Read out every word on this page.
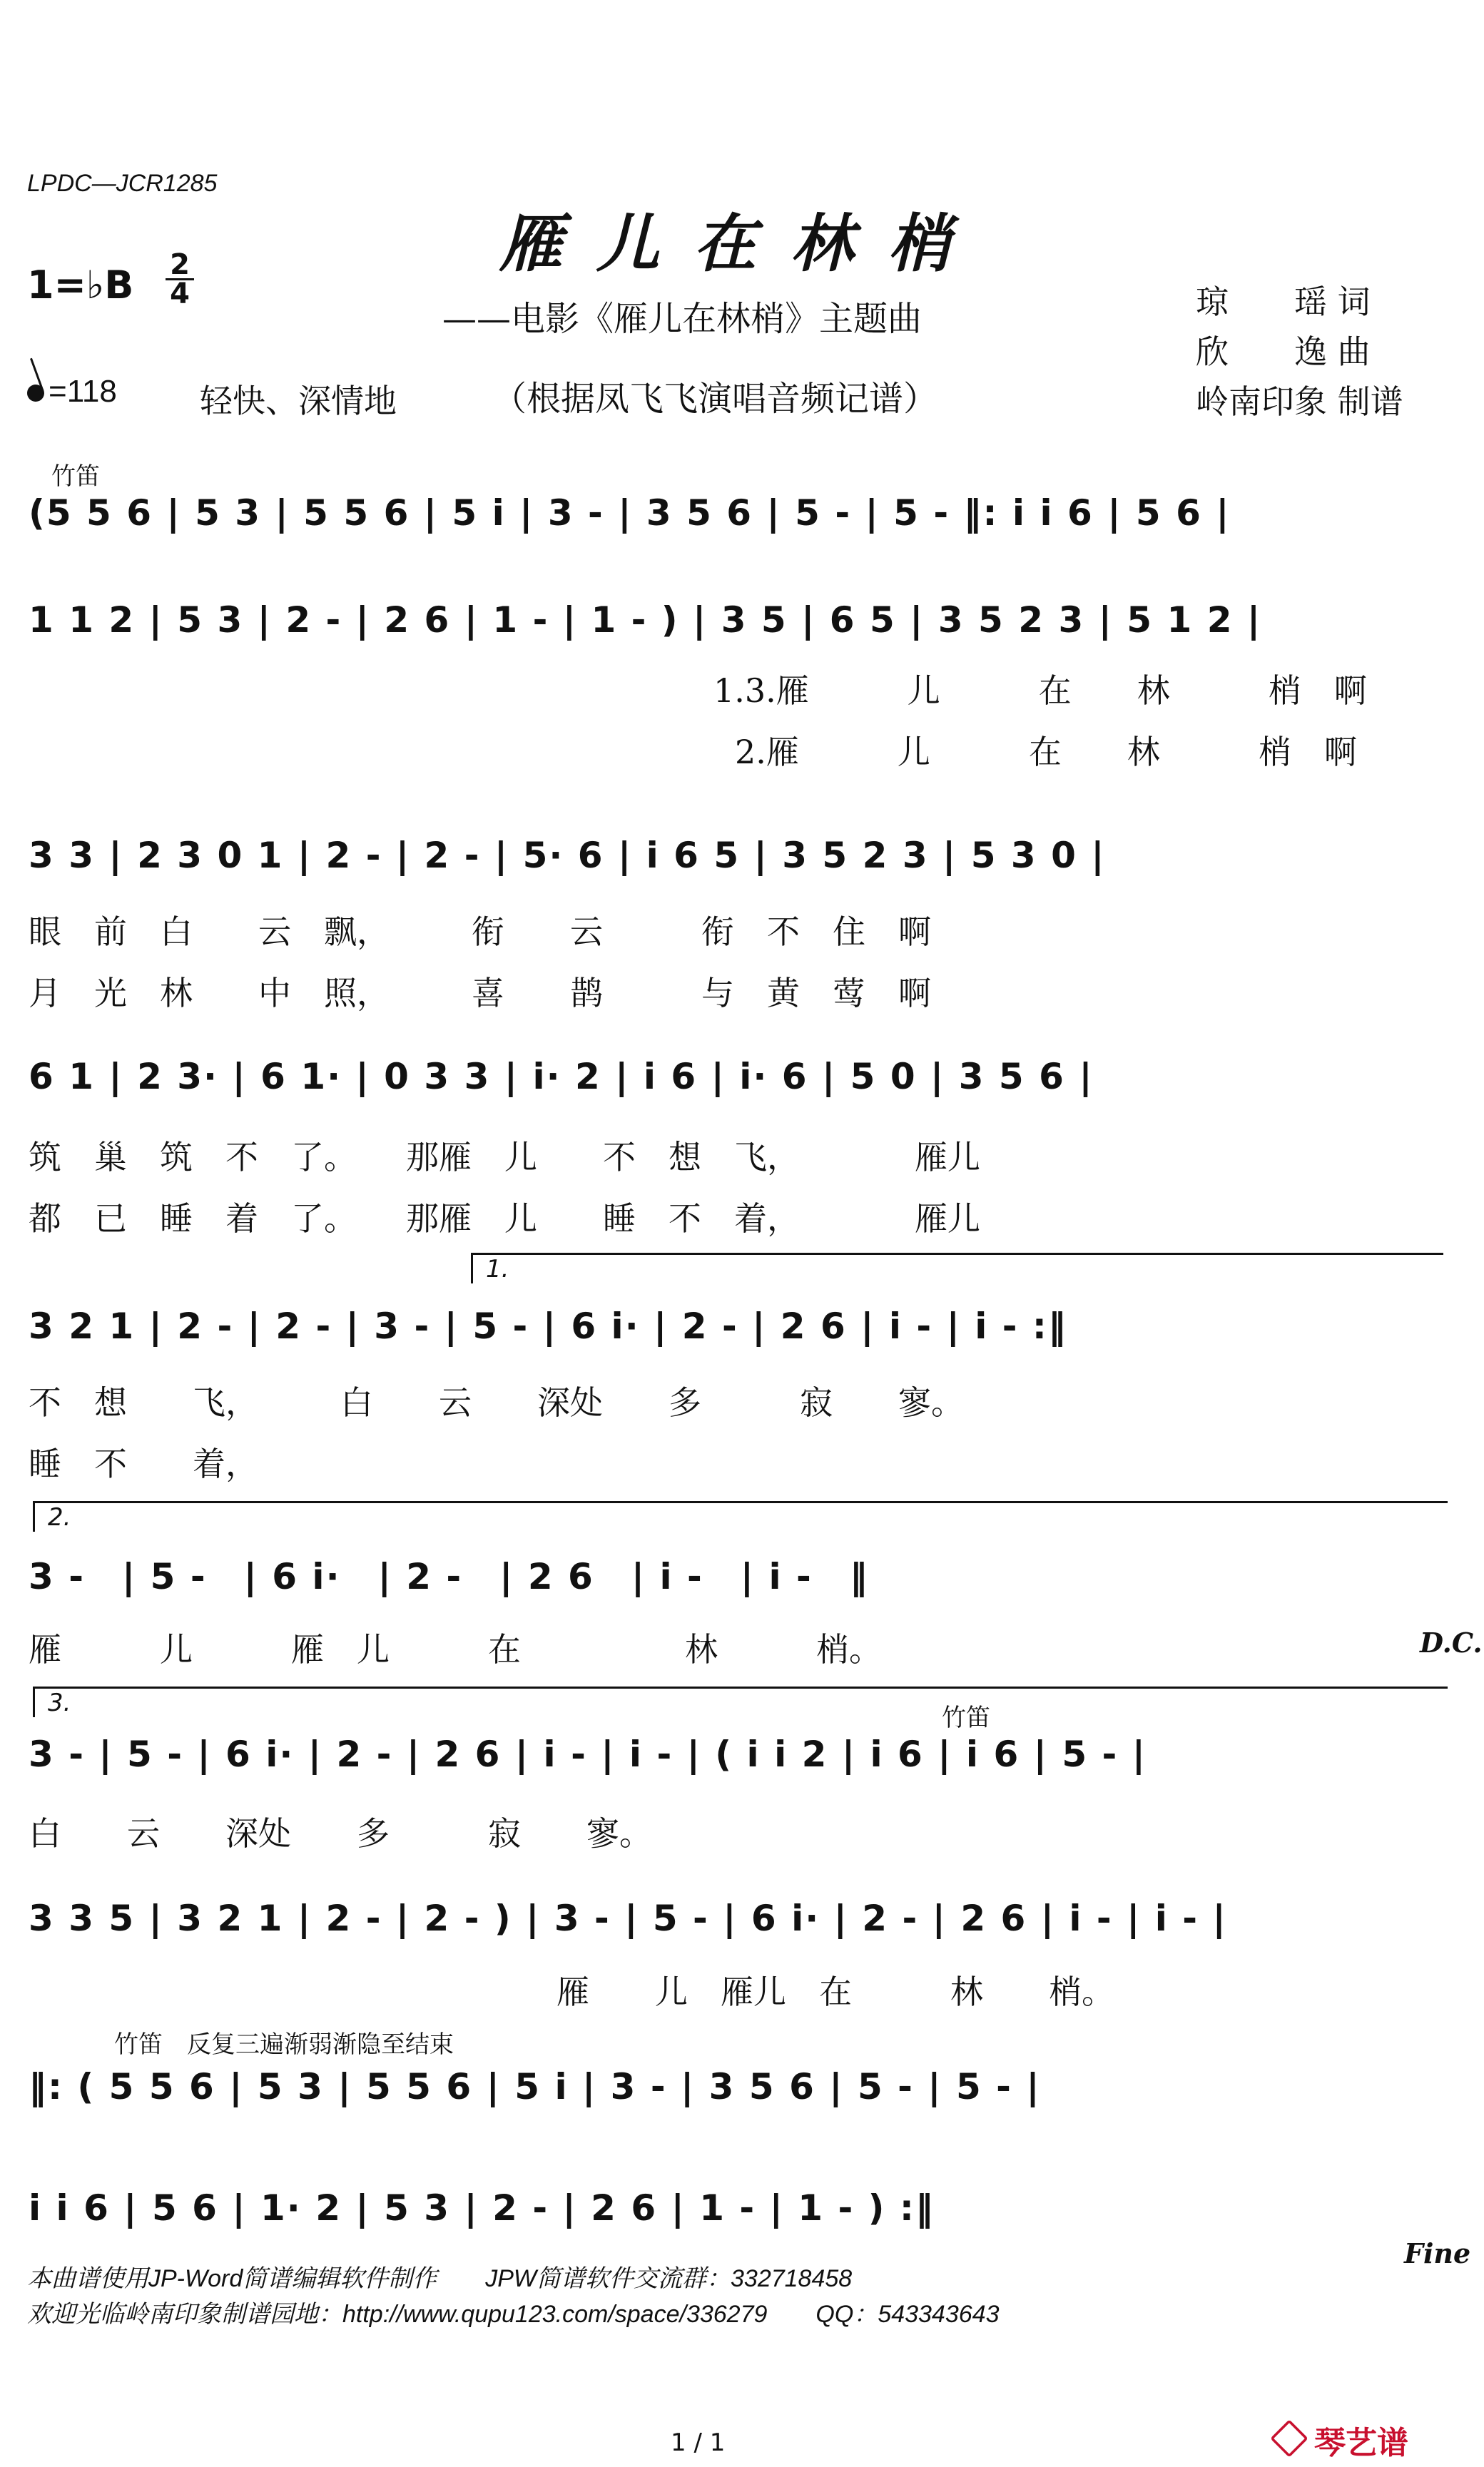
LPDC—JCR1285
雁儿在林梢
——电影《雁儿在林梢》主题曲	琼　　瑶 词
欣　　逸 曲
岭南印象 制谱
1=♭B 2
4
=118	轻快、深情地	（根据凤飞飞演唱音频记谱）
竹笛
(5 5 6 | 5 3 | 5 5 6 | 5 i | 3 - | 3 5 6 | 5 - | 5 - ‖: i i 6 | 5 6 |
1 1 2 | 5 3 | 2 - | 2 6 | 1 - | 1 - ) | 3 5 | 6 5 | 3 5 2 3 | 5 1 2 |
1.3.雁　　　儿　　　在　　林　　　梢　啊
2.雁　　　儿　　　在　　林　　　梢　啊
3 3 | 2 3 0 1 | 2 - | 2 - | 5· 6 | i 6 5 | 3 5 2 3 | 5 3 0 |
眼　前　白　　云　飘，　　　衔　　云　　　衔　不　住　啊
月　光　林　　中　照，　　　喜　　鹊　　　与　黄　莺　啊
6 1 | 2 3· | 6 1· | 0 3 3 | i· 2 | i 6 | i· 6 | 5 0 | 3 5 6 |
筑　巢　筑　不　了。　　那雁　儿　　不　想　飞，　　　　雁儿
都　已　睡　着　了。　　那雁　儿　　睡　不　着，　　　　雁儿
1.
3 2 1 | 2 - | 2 - | 3 - | 5 - | 6 i· | 2 - | 2 6 | i - | i - :‖
不　想　　飞，　　　白　　云　　深处　　多　　　寂　　寥。
睡　不　　着，
2.
3 -　| 5 -　| 6 i·　| 2 -　| 2 6　| i -　| i -　‖
雁　　　儿　　　雁　儿　　　在　　　　　林　　　梢。	D.C.
3.
竹笛
3 - | 5 - | 6 i· | 2 - | 2 6 | i - | i - | ( i i 2 | i 6 | i 6 | 5 - |
白　　云　　深处　　多　　　寂　　寥。
3 3 5 | 3 2 1 | 2 - | 2 - ) | 3 - | 5 - | 6 i· | 2 - | 2 6 | i - | i - |
雁　　儿　雁儿　在　　　林　　梢。
竹笛　反复三遍渐弱渐隐至结束
‖: ( 5 5 6 | 5 3 | 5 5 6 | 5 i | 3 - | 3 5 6 | 5 - | 5 - |
i i 6 | 5 6 | 1· 2 | 5 3 | 2 - | 2 6 | 1 - | 1 - ) :‖
Fine
本曲谱使用JP-Word简谱编辑软件制作　　JPW简谱软件交流群：332718458
欢迎光临岭南印象制谱园地：http://www.qupu123.com/space/336279　　QQ：543343643
1 / 1	琴艺谱
